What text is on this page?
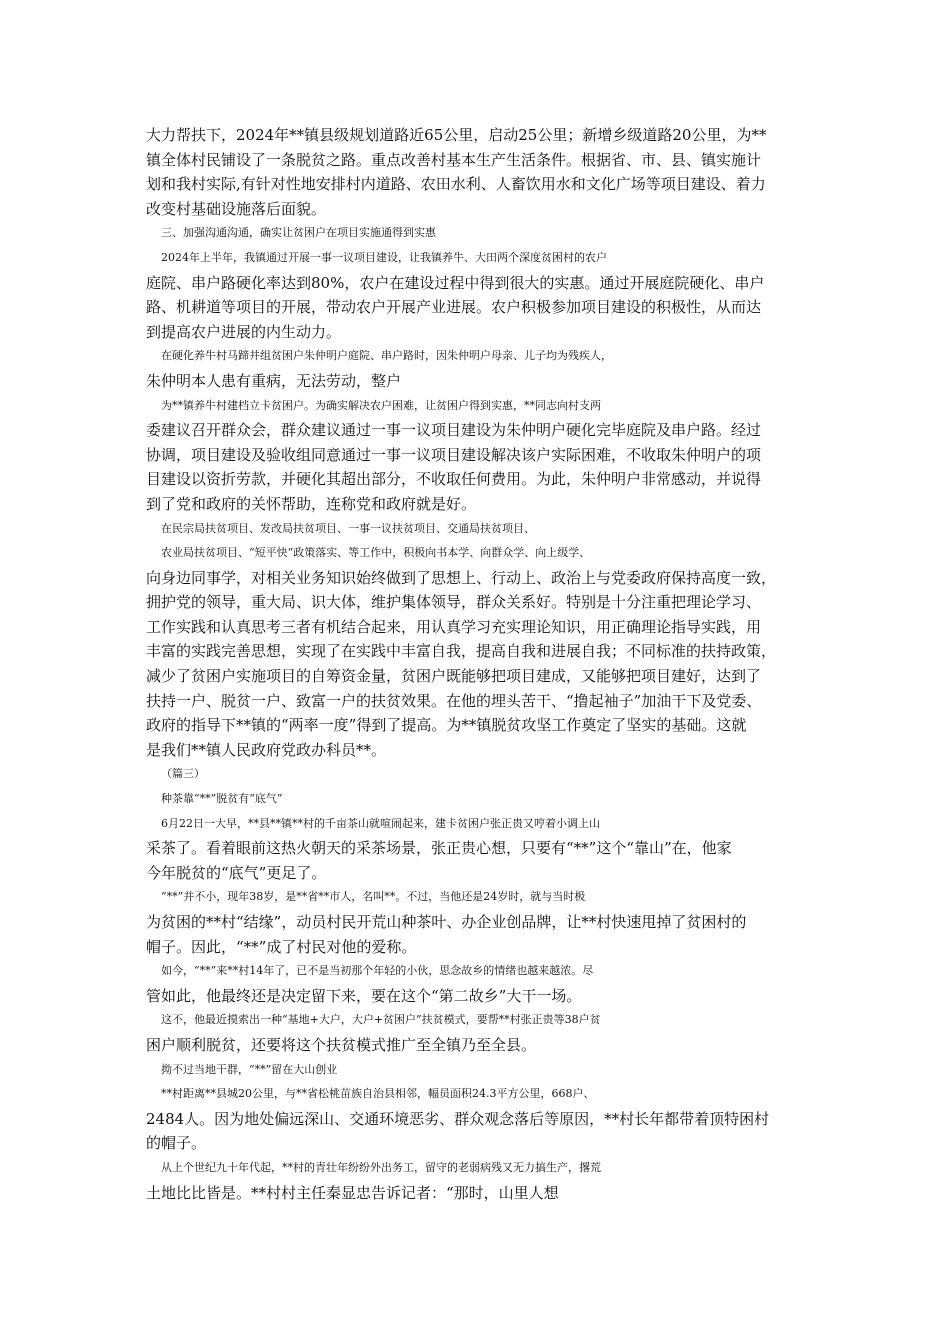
大力帮扶下，2024年**镇县级规划道路近65公里，启动25公里；新增乡级道路20公里，为**
镇全体村民铺设了一条脱贫之路。重点改善村基本生产生活条件。根据省、市、县、镇实施计
划和我村实际,有针对性地安排村内道路、农田水利、人畜饮用水和文化广场等项目建设、着力
改变村基础设施落后面貌。
三、加强沟通沟通，确实让贫困户在项目实施通得到实惠
2024年上半年，我镇通过开展一事一议项目建设，让我镇养牛、大田两个深度贫困村的农户
庭院、串户路硬化率达到80%，农户在建设过程中得到很大的实惠。通过开展庭院硬化、串户
路、机耕道等项目的开展，带动农户开展产业进展。农户积极参加项目建设的积极性，从而达
到提高农户进展的内生动力。
在硬化养牛村马蹄井组贫困户朱仲明户庭院、串户路时，因朱仲明户母亲、儿子均为残疾人，
朱仲明本人患有重病，无法劳动，整户
为**镇养牛村建档立卡贫困户。为确实解决农户困难，让贫困户得到实惠，**同志向村支两
委建议召开群众会，群众建议通过一事一议项目建设为朱仲明户硬化完毕庭院及串户路。经过
协调，项目建设及验收组同意通过一事一议项目建设解决该户实际困难，不收取朱仲明户的项
目建设以资折劳款，并硬化其超出部分，不收取任何费用。为此，朱仲明户非常感动，并说得
到了党和政府的关怀帮助，连称党和政府就是好。
在民宗局扶贫项目、发改局扶贫项目、一事一议扶贫项目、交通局扶贫项目、
农业局扶贫项目、“短平快”政策落实、等工作中，积极向书本学、向群众学、向上级学、
向身边同事学，对相关业务知识始终做到了思想上、行动上、政治上与党委政府保持高度一致，
拥护党的领导，重大局、识大体，维护集体领导，群众关系好。特别是十分注重把理论学习、
工作实践和认真思考三者有机结合起来，用认真学习充实理论知识，用正确理论指导实践，用
丰富的实践完善思想，实现了在实践中丰富自我，提高自我和进展自我；不同标准的扶持政策，
减少了贫困户实施项目的自筹资金量，贫困户既能够把项目建成，又能够把项目建好，达到了
扶持一户、脱贫一户、致富一户的扶贫效果。在他的埋头苦干、“撸起袖子”加油干下及党委、
政府的指导下**镇的“两率一度”得到了提高。为**镇脱贫攻坚工作奠定了坚实的基础。这就
是我们**镇人民政府党政办科员**。
（篇三）
种茶靠“**”脱贫有“底气”
6月22日一大早，**县**镇**村的千亩茶山就喧闹起来，建卡贫困户张正贵又哼着小调上山
采茶了。看着眼前这热火朝天的采茶场景，张正贵心想，只要有“**”这个“靠山”在，他家
今年脱贫的“底气”更足了。
“**”并不小，现年38岁，是**省**市人，名叫**。不过，当他还是24岁时，就与当时极
为贫困的**村“结缘”，动员村民开荒山种茶叶、办企业创品牌，让**村快速甩掉了贫困村的
帽子。因此，“**”成了村民对他的爱称。
如今，“**”来**村14年了，已不是当初那个年轻的小伙，思念故乡的情绪也越来越浓。尽
管如此，他最终还是决定留下来，要在这个“第二故乡”大干一场。
这不，他最近摸索出一种“基地+大户，大户+贫困户”扶贫模式，要帮**村张正贵等38户贫
困户顺利脱贫，还要将这个扶贫模式推广至全镇乃至全县。
拗不过当地干群，“**”留在大山创业
**村距离**县城20公里，与**省松桃苗族自治县相邻，幅员面积24.3平方公里，668户、
2484人。因为地处偏远深山、交通环境恶劣、群众观念落后等原因，**村长年都带着顶特困村
的帽子。
从上个世纪九十年代起，**村的青壮年纷纷外出务工，留守的老弱病残又无力搞生产，撂荒
土地比比皆是。**村村主任秦显忠告诉记者：“那时，山里人想
